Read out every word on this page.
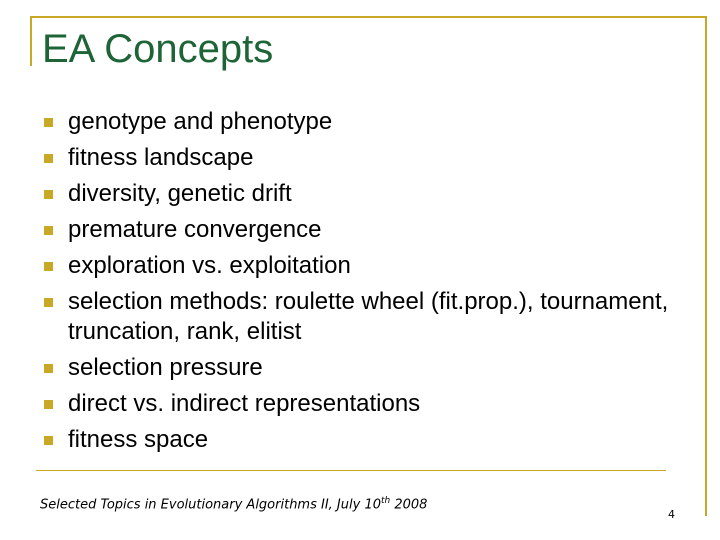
EA Concepts
genotype and phenotype
fitness landscape
diversity, genetic drift
premature convergence
exploration vs. exploitation
selection methods: roulette wheel (fit.prop.), tournament, truncation, rank, elitist
selection pressure
direct vs. indirect representations
fitness space
Selected Topics in Evolutionary Algorithms II, July 10th 2008
4
